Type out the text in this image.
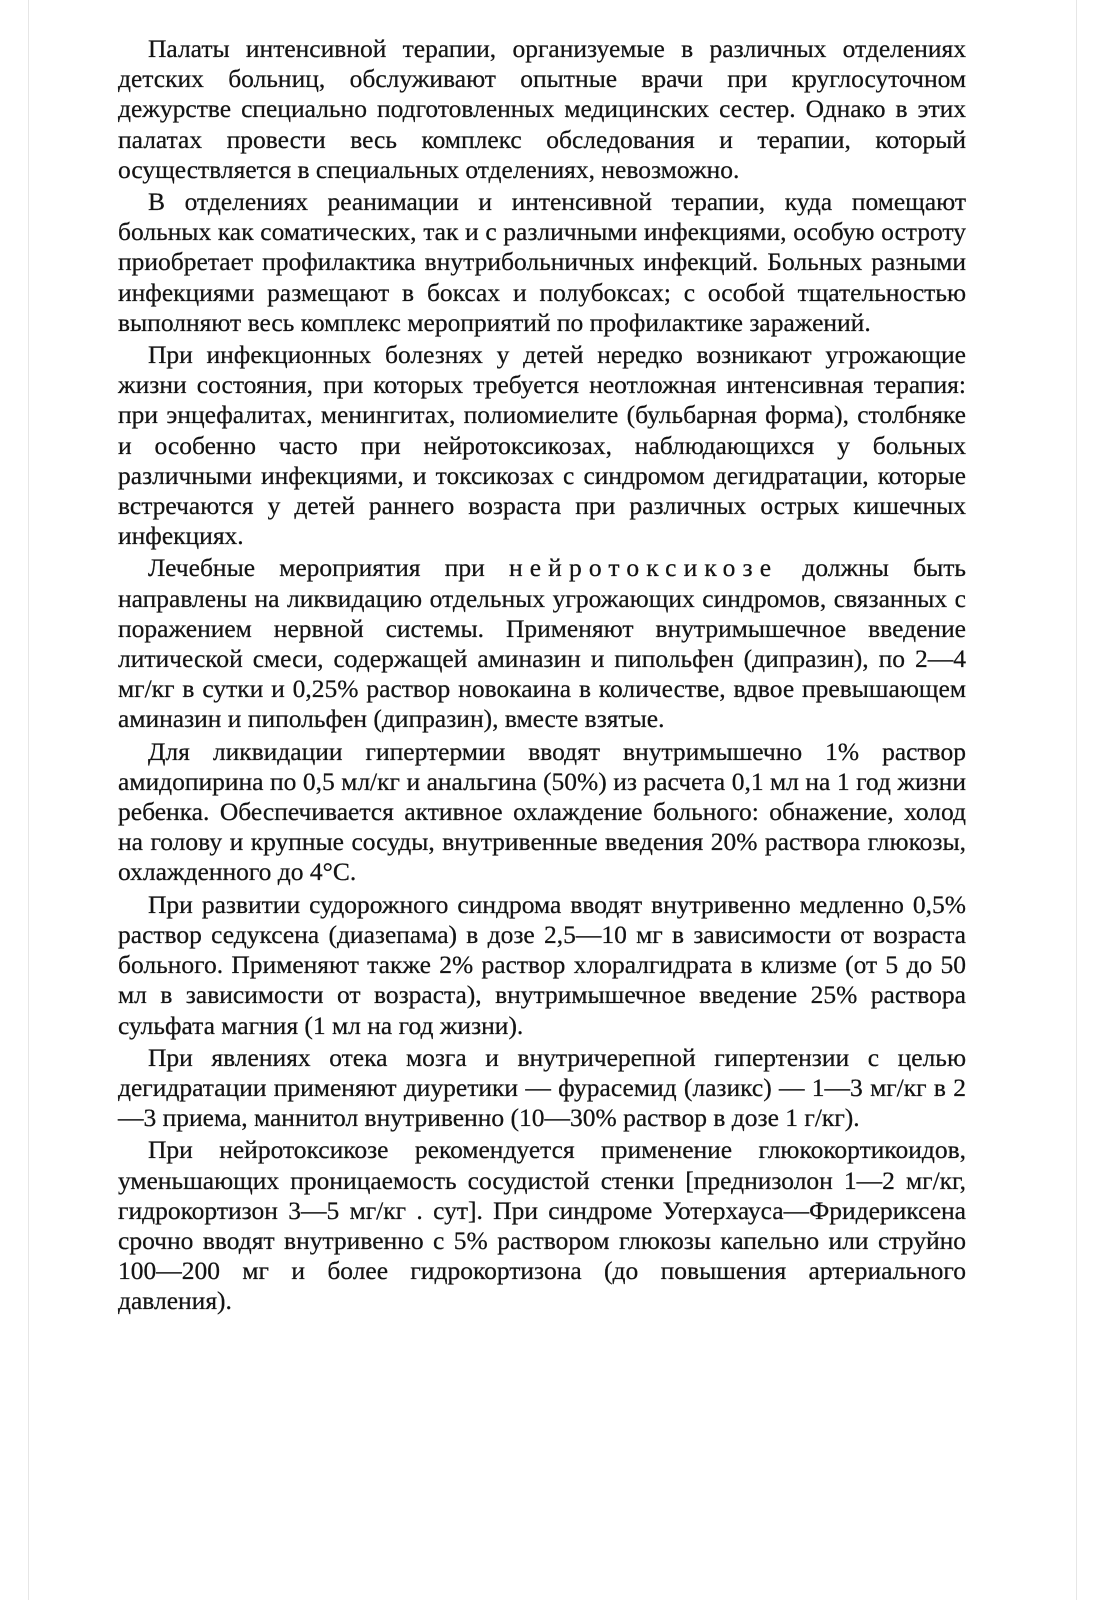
Палаты интенсивной терапии, организуемые в различных отделениях детских больниц, обслуживают опытные врачи при круглосуточном дежурстве специально подготовленных медицинских сестер. Однако в этих палатах провести весь комплекс обследования и терапии, который осуществляется в специальных отделениях, невозможно.

В отделениях реанимации и интенсивной терапии, куда помещают больных как соматических, так и с различными инфекциями, особую остроту приобретает профилактика внутрибольничных инфекций. Больных разными инфекциями размещают в боксах и полубоксах; с особой тщательностью выполняют весь комплекс мероприятий по профилактике заражений.

При инфекционных болезнях у детей нередко возникают угрожающие жизни состояния, при которых требуется неотложная интенсивная терапия: при энцефалитах, менингитах, полиомиелите (бульбарная форма), столбняке и особенно часто при нейротоксикозах, наблюдающихся у больных различными инфекциями, и токсикозах с синдромом дегидратации, которые встречаются у детей раннего возраста при различных острых кишечных инфекциях.

Лечебные мероприятия при нейротоксикозе должны быть направлены на ликвидацию отдельных угрожающих синдромов, связанных с поражением нервной системы. Применяют внутримышечное введение литической смеси, содержащей аминазин и пипольфен (дипразин), по 2—4 мг/кг в сутки и 0,25% раствор новокаина в количестве, вдвое превышающем аминазин и пипольфен (дипразин), вместе взятые.

Для ликвидации гипертермии вводят внутримышечно 1% раствор амидопирина по 0,5 мл/кг и анальгина (50%) из расчета 0,1 мл на 1 год жизни ребенка. Обеспечивается активное охлаждение больного: обнажение, холод на голову и крупные сосуды, внутривенные введения 20% раствора глюкозы, охлажденного до 4°С.

При развитии судорожного синдрома вводят внутривенно медленно 0,5% раствор седуксена (диазепама) в дозе 2,5—10 мг в зависимости от возраста больного. Применяют также 2% раствор хлоралгидрата в клизме (от 5 до 50 мл в зависимости от возраста), внутримышечное введение 25% раствора сульфата магния (1 мл на год жизни).

При явлениях отека мозга и внутричерепной гипертензии с целью дегидратации применяют диуретики — фурасемид (лазикс) — 1—3 мг/кг в 2—3 приема, маннитол внутривенно (10—30% раствор в дозе 1 г/кг).

При нейротоксикозе рекомендуется применение глюкокортикоидов, уменьшающих проницаемость сосудистой стенки [преднизолон 1—2 мг/кг, гидрокортизон 3—5 мг/кг . сут]. При синдроме Уотерхауса—Фридериксена срочно вводят внутривенно с 5% раствором глюкозы капельно или струйно 100—200 мг и более гидрокортизона (до повышения артериального давления).
